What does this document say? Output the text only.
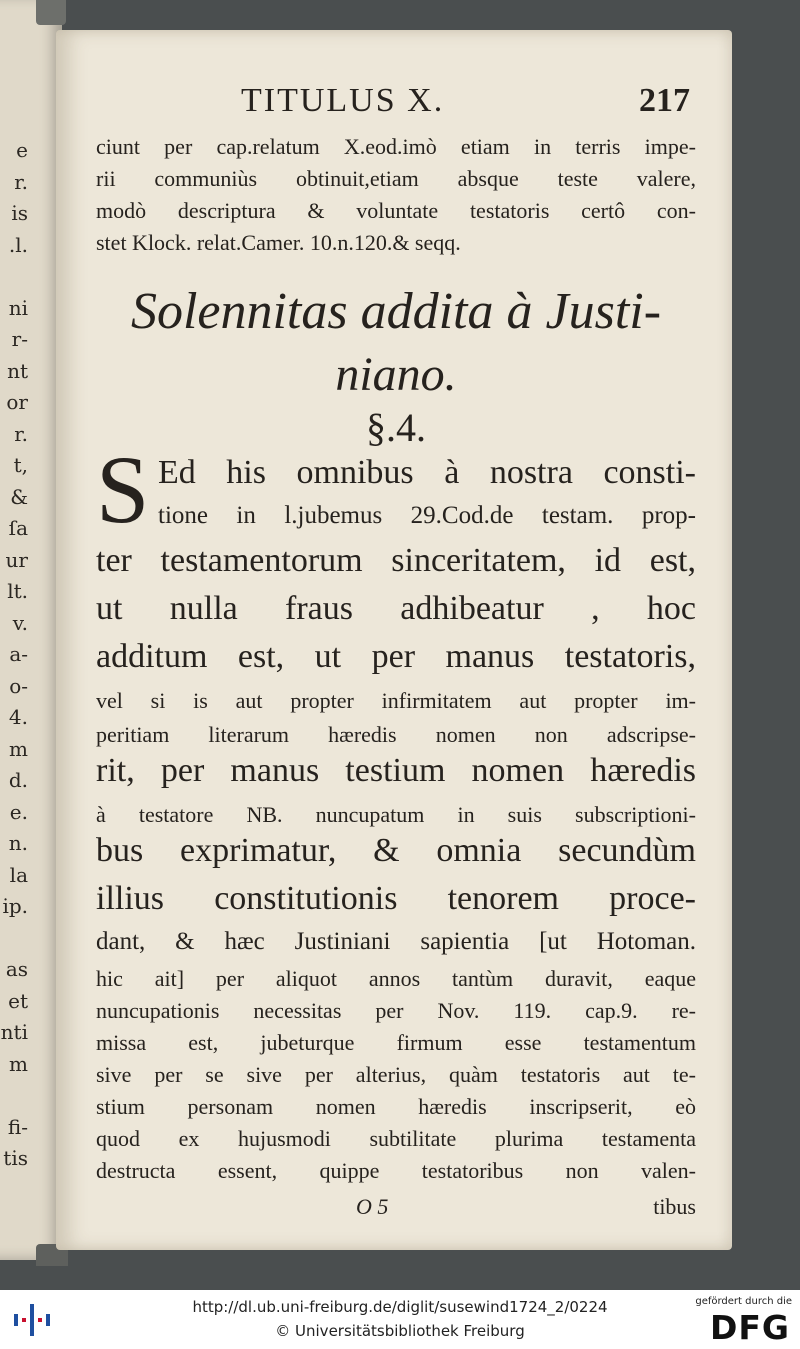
e
r.
is
.l.

ni
r-
nt
or
r.
t,
&
ſa
ur
lt.
v.
a-
o-
4.
m
d.
e.
n.
la
ip.

as
et
nti
m

fi-
tis
TITULUS X.	217
ciunt per cap.relatum X.eod.imò etiam in terris impe-
rii communiùs obtinuit,etiam absque teste valere,
modò descriptura & voluntate testatoris certô con-
stet Klock. relat.Camer. 10.n.120.& seqq.
Solennitas addita à Justi-
niano.
§.4.
S Ed his omnibus à nostra consti-
tione in l.jubemus 29.Cod.de testam. prop-
ter testamentorum sinceritatem, id est,
ut nulla fraus adhibeatur , hoc
additum est, ut per manus testatoris,
vel si is aut propter infirmitatem aut propter im-
peritiam literarum hæredis nomen non adscripse-
rit, per manus testium nomen hæredis
à testatore NB. nuncupatum in suis subscriptioni-
bus exprimatur, & omnia secundùm
illius constitutionis tenorem proce-
dant, & hæc Justiniani sapientia [ut Hotoman.
hic ait] per aliquot annos tantùm duravit, eaque
nuncupationis necessitas per Nov. 119. cap.9. re-
missa est, jubeturque firmum esse testamentum
sive per se sive per alterius, quàm testatoris aut te-
stium personam nomen hæredis inscripserit, eò
quod ex hujusmodi subtilitate plurima testamenta
destructa essent, quippe testatoribus non valen-
O 5	tibus
http://dl.ub.uni-freiburg.de/diglit/susewind1724_2/0224
© Universitätsbibliothek Freiburg
gefördert durch die
DFG
